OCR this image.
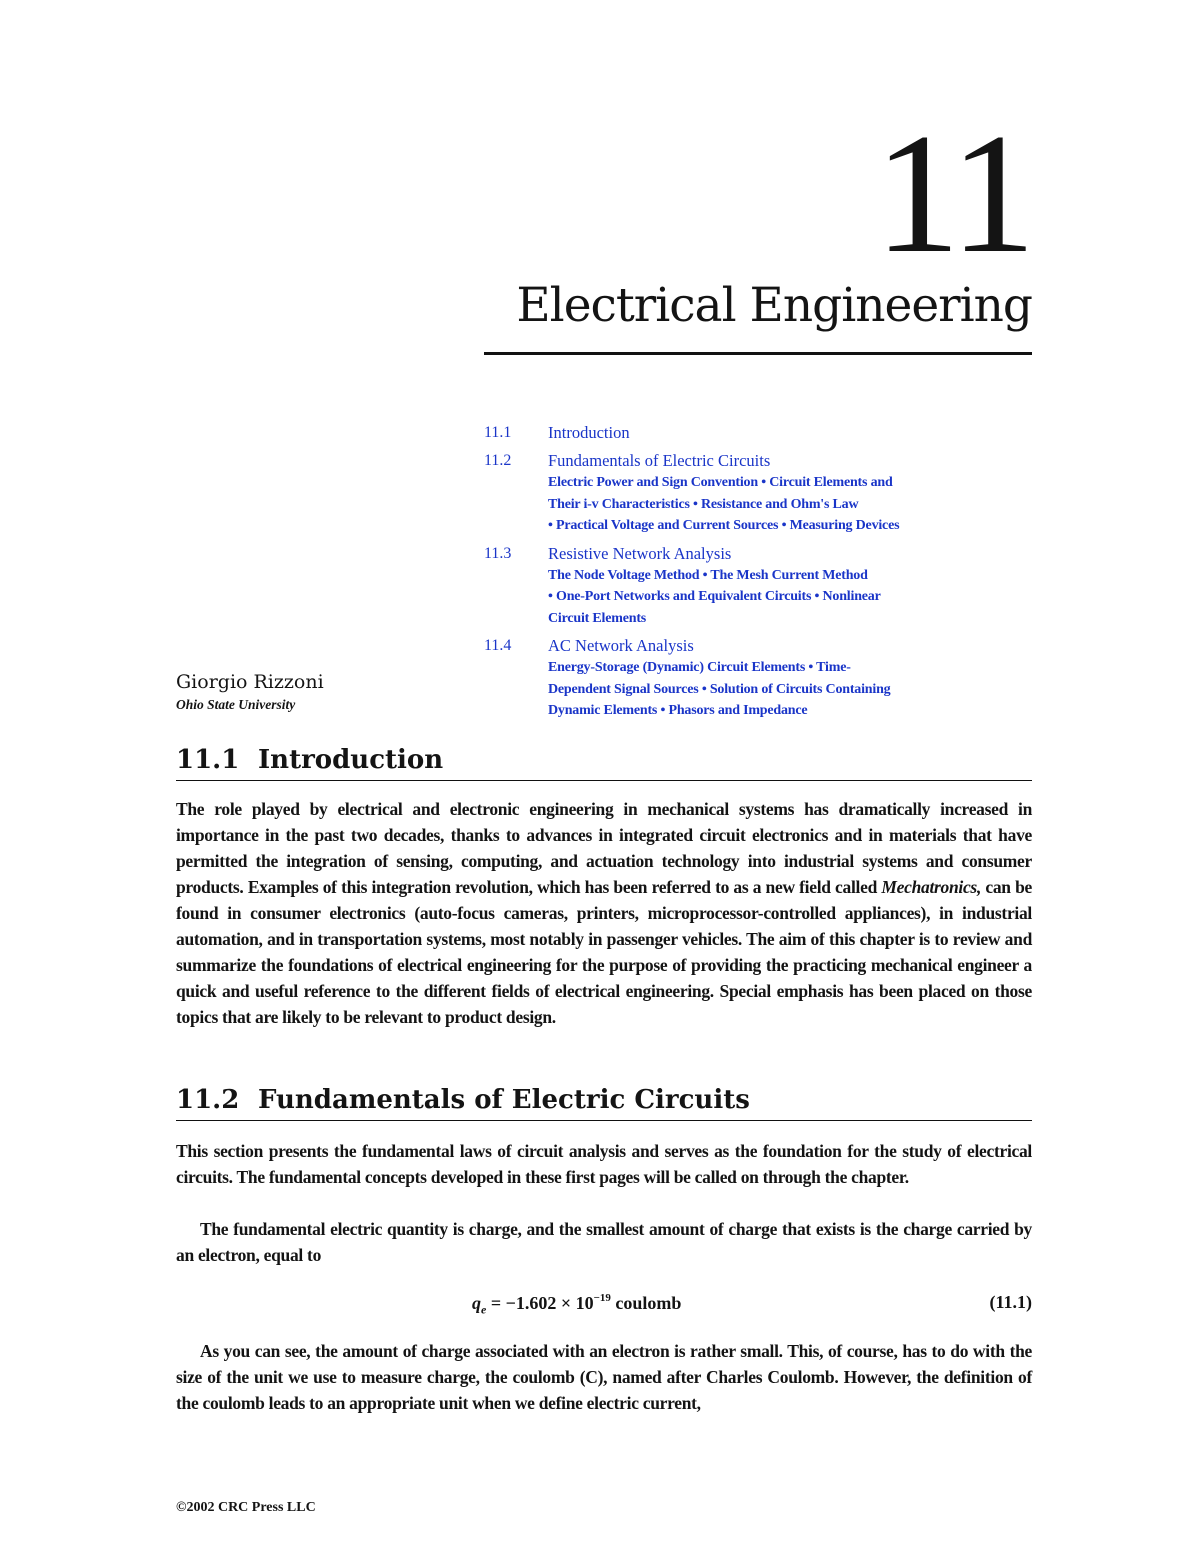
11
Electrical Engineering
11.1	Introduction
11.2	Fundamentals of Electric Circuits
Electric Power and Sign Convention • Circuit Elements and
Their i-v Characteristics • Resistance and Ohm's Law
• Practical Voltage and Current Sources • Measuring Devices
11.3	Resistive Network Analysis
The Node Voltage Method • The Mesh Current Method
• One-Port Networks and Equivalent Circuits • Nonlinear
Circuit Elements
11.4	AC Network Analysis
Energy-Storage (Dynamic) Circuit Elements • Time-
Dependent Signal Sources • Solution of Circuits Containing
Dynamic Elements • Phasors and Impedance
Giorgio Rizzoni
Ohio State University
11.1 Introduction
The role played by electrical and electronic engineering in mechanical systems has dramatically increased in importance in the past two decades, thanks to advances in integrated circuit electronics and in materials that have permitted the integration of sensing, computing, and actuation technology into industrial systems and consumer products. Examples of this integration revolution, which has been referred to as a new field called Mechatronics, can be found in consumer electronics (auto-focus cameras, printers, microprocessor-controlled appliances), in industrial automation, and in transportation systems, most notably in passenger vehicles. The aim of this chapter is to review and summarize the foundations of electrical engineering for the purpose of providing the practicing mechanical engineer a quick and useful reference to the different fields of electrical engineering. Special emphasis has been placed on those topics that are likely to be relevant to product design.
11.2 Fundamentals of Electric Circuits
This section presents the fundamental laws of circuit analysis and serves as the foundation for the study of electrical circuits. The fundamental concepts developed in these first pages will be called on through the chapter.
The fundamental electric quantity is charge, and the smallest amount of charge that exists is the charge carried by an electron, equal to
$q_e = -1.602 \times 10^{-19}$ coulomb	(11.1)
As you can see, the amount of charge associated with an electron is rather small. This, of course, has to do with the size of the unit we use to measure charge, the coulomb (C), named after Charles Coulomb. However, the definition of the coulomb leads to an appropriate unit when we define electric current,
©2002 CRC Press LLC
